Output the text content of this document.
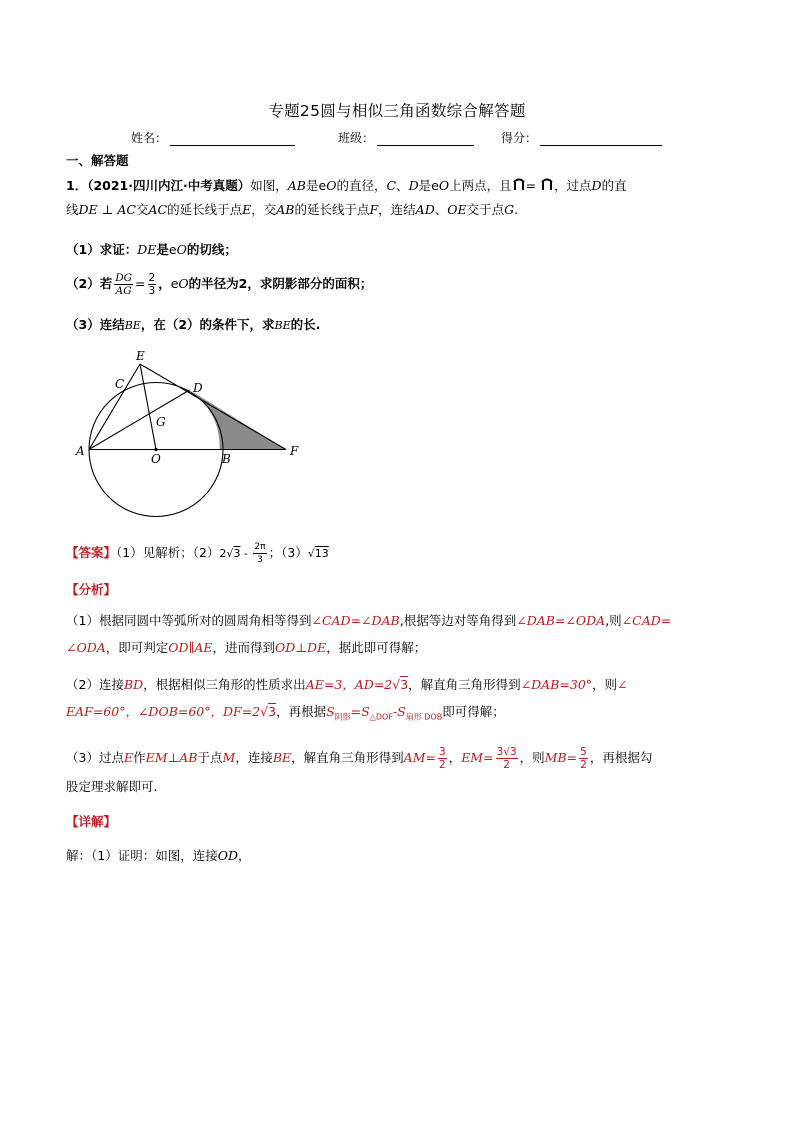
专题25圆与相似三角函数综合解答题
姓名：	班级：	得分：
一、解答题
1．（2021·四川内江·中考真题）如图，AB是eO的直径，C、D是eO上两点，且 = ，过点D的直
线DE ⊥ AC交AC的延长线于点E，交AB的延长线于点F，连结AD、OE交于点G.
（1）求证：DE是eO的切线；
（2）若 $\frac{DG}{AG} = \frac{2}{3}$ ，eO的半径为2，求阴影部分的面积；
（3）连结BE，在（2）的条件下，求BE的长.
A
O	B
F
C
E
D
G
【答案】（1）见解析；$(2)2√3 - \frac{2\pi}{3}$ ；（3）√13
【分析】
（1）根据同圆中等弧所对的圆周角相等得到∠CAD=∠DAB,根据等边对等角得到∠DAB=∠ODA,则∠CAD=
∠ODA，即可判定OD∥AE，进而得到OD⊥DE，据此即可得解；
（2）连接BD，根据相似三角形的性质求出AE=3，AD=2√3，解直角三角形得到∠DAB=30°，则∠
EAF=60°，∠DOB=60°，DF=2√3，再根据$S_{阴影}=S_{\triangle DOF}-S_{扇形 DOB}$即可得解；
（3）过点E作EM⊥AB于点M，连接BE，解直角三角形得到$AM= \frac{3}{2}$ ，$EM= \frac{3√3}{2}$ ，则$MB= \frac{5}{2}$ ，再根据勾
股定理求解即可.
【详解】
解：（1）证明：如图，连接OD，
